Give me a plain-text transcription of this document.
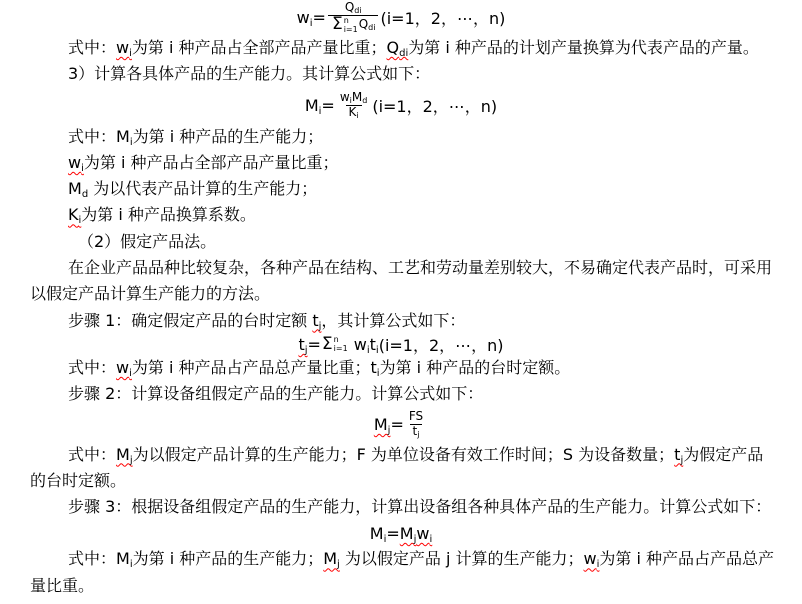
$w_i = Q_{di}$
Σ n
i=1 $Q_{di}$ (i=1，2，⋯，n)
式中：$w_i$为第 i 种产品占全部产品产量比重；$Q_{di}$为第 i 种产品的计划产量换算为代表产品的产量。
3）计算各具体产品的生产能力。其计算公式如下：
$M_i = \frac{w_iM_d}{K_i} (i=1$，2，⋯，n)
式中：$M_i$为第 i 种产品的生产能力；
$w_i$为第 i 种产品占全部产品产量比重；
$M_d$ 为以代表产品计算的生产能力；
$K_i$为第 i 种产品换算系数。
（2）假定产品法。
在企业产品品种比较复杂，各种产品在结构、工艺和劳动量差别较大，不易确定代表产品时，可采用
以假定产品计算生产能力的方法。
步骤 1：确定假定产品的台时定额 $t_j$，其计算公式如下：
$t_j = \Sigma$ n
i=1 $w_i$ $t_i$ (i=1，2，⋯，n)
式中：$w_i$为第 i 种产品占产品总产量比重；$t_i$为第 i 种产品的台时定额。
步骤 2：计算设备组假定产品的生产能力。计算公式如下：
$M_j = \frac{FS}{t_j}$
式中：$M_j$为以假定产品计算的生产能力；F 为单位设备有效工作时间；S 为设备数量；$t_j$为假定产品
的台时定额。
步骤 3：根据设备组假定产品的生产能力，计算出设备组各种具体产品的生产能力。计算公式如下：
$M_i = M_j$ $w_i$
式中：$M_i$为第 i 种产品的生产能力；$M_j$ 为以假定产品 j 计算的生产能力；$w_i$为第 i 种产品占产品总产
量比重。
